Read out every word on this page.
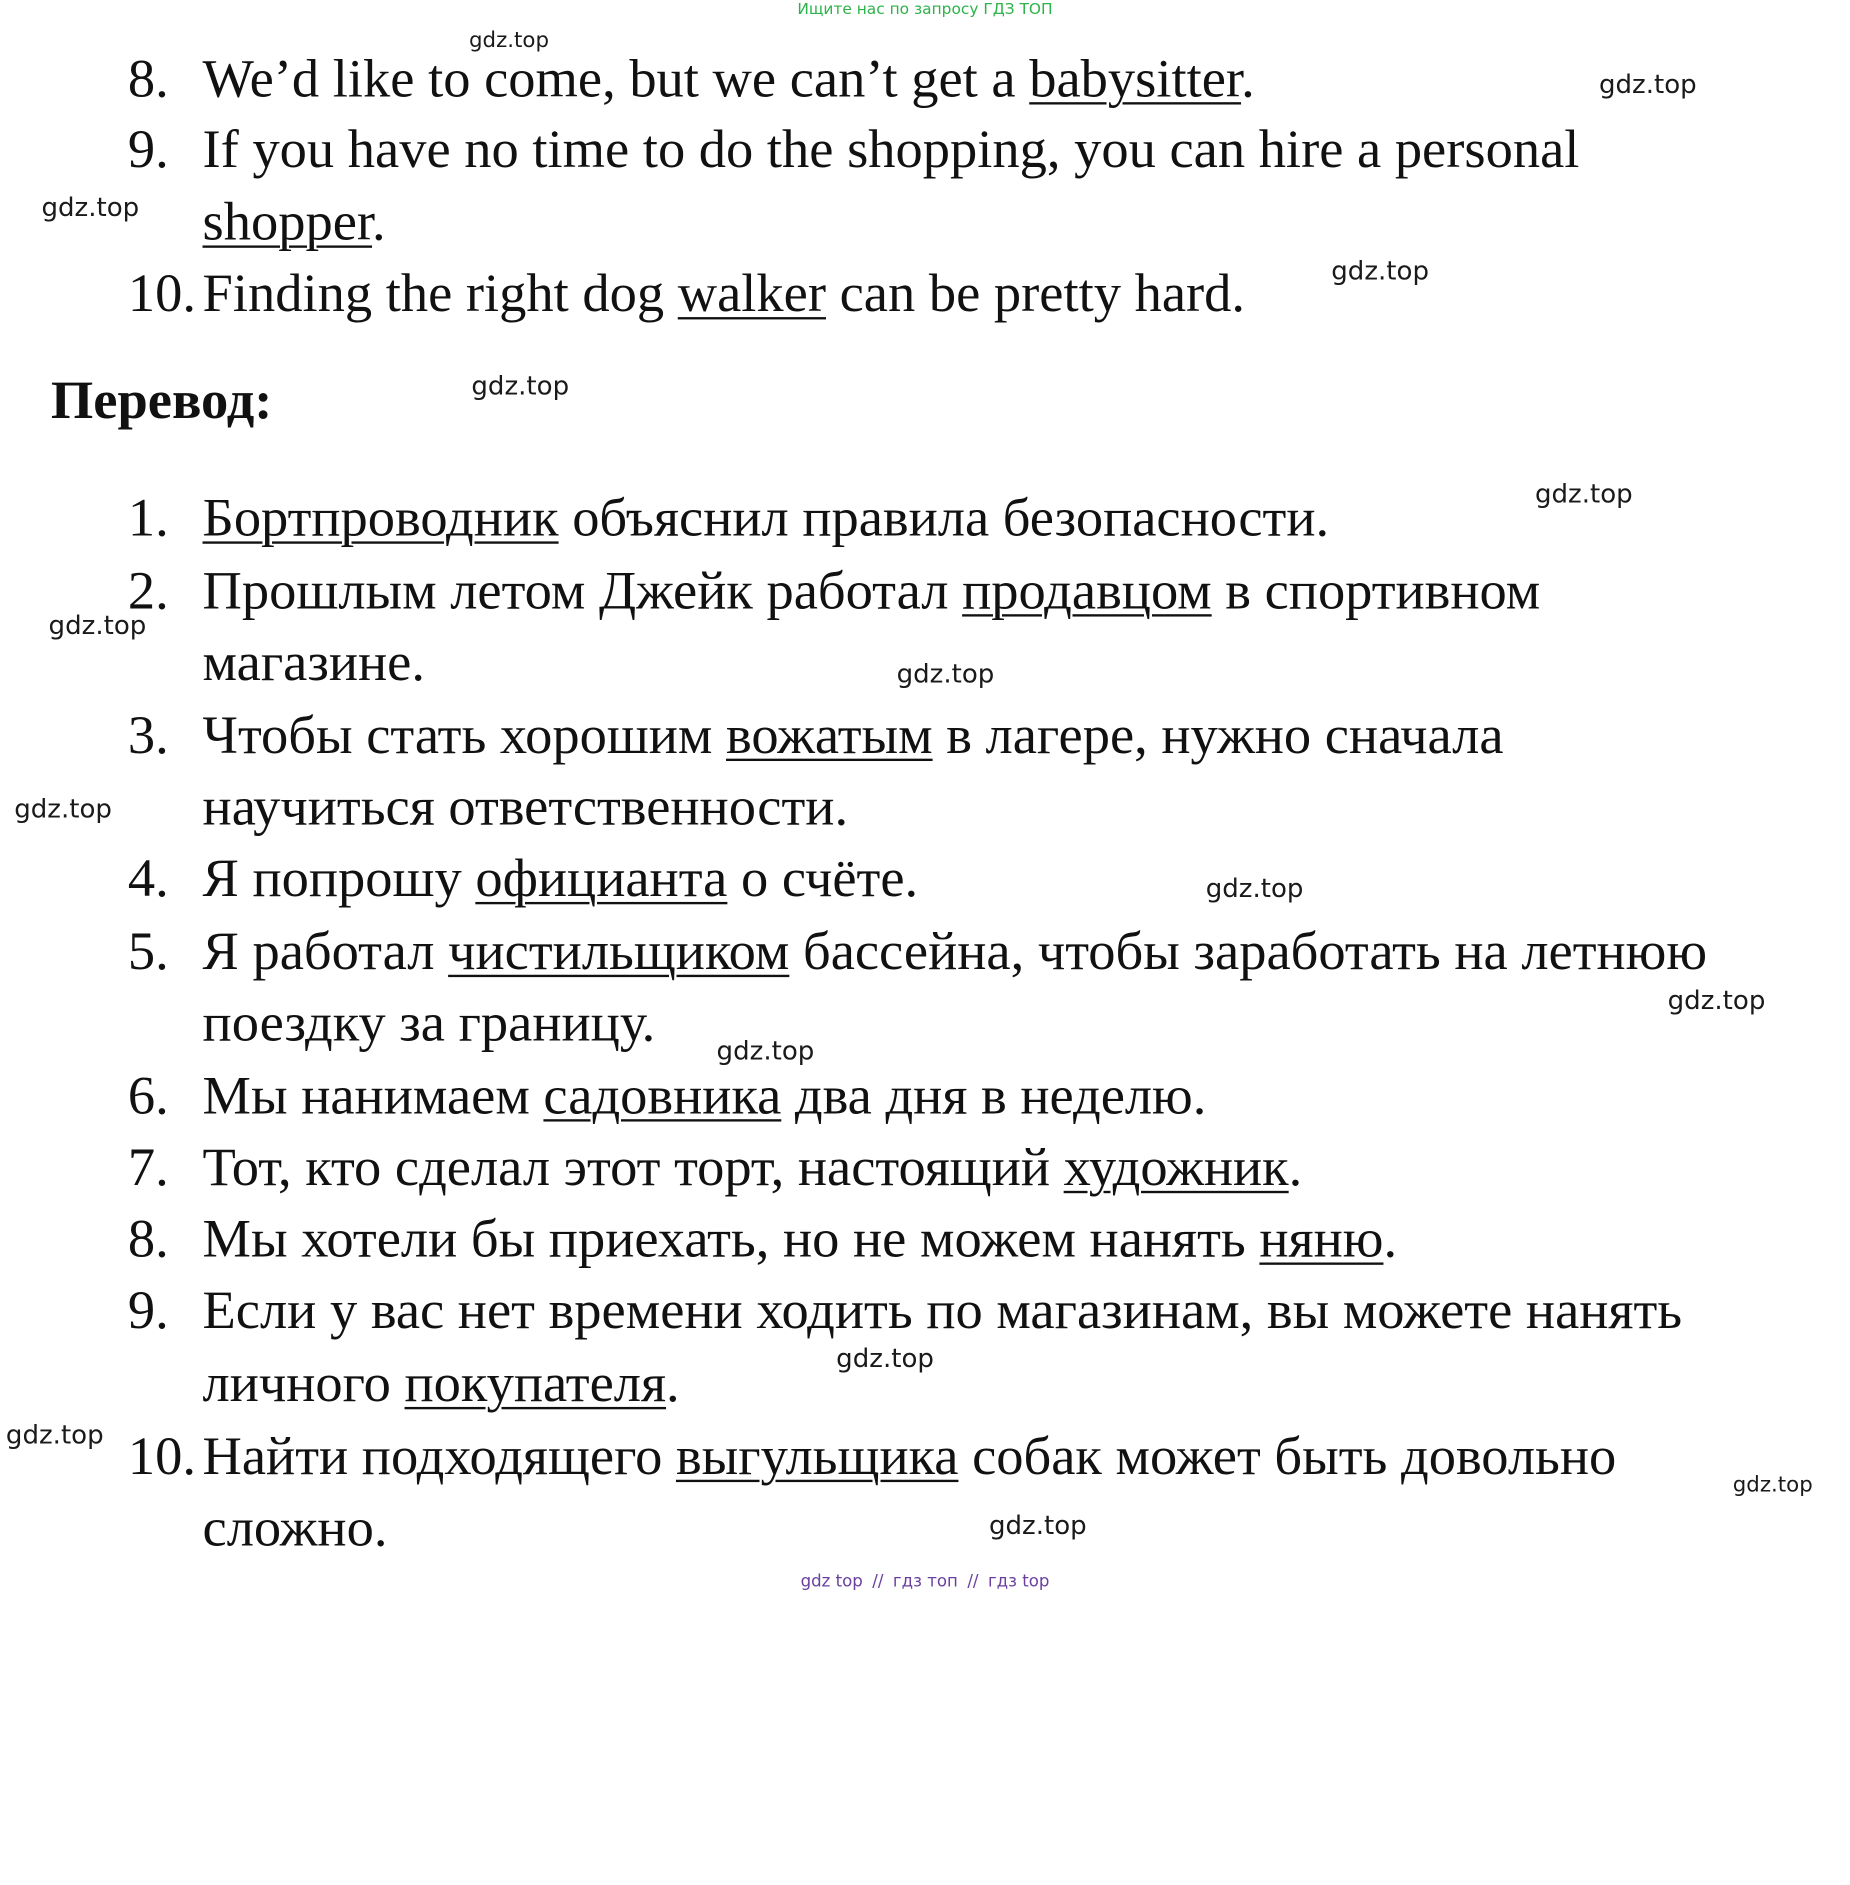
Ищите нас по запросу ГДЗ ТОП
8. We’d like to come, but we can’t get a babysitter.
9. If you have no time to do the shopping, you can hire a personal
shopper.
10. Finding the right dog walker can be pretty hard.
Перевод:
1. Бортпроводник объяснил правила безопасности.
2. Прошлым летом Джейк работал продавцом в спортивном
магазине.
3. Чтобы стать хорошим вожатым в лагере, нужно сначала
научиться ответственности.
4. Я попрошу официанта о счёте.
5. Я работал чистильщиком бассейна, чтобы заработать на летнюю
поездку за границу.
6. Мы нанимаем садовника два дня в неделю.
7. Тот, кто сделал этот торт, настоящий художник.
8. Мы хотели бы приехать, но не можем нанять няню.
9. Если у вас нет времени ходить по магазинам, вы можете нанять
личного покупателя.
10. Найти подходящего выгульщика собак может быть довольно
сложно.
gdz.top
gdz.top
gdz.top
gdz.top
gdz.top
gdz.top
gdz.top
gdz.top
gdz.top
gdz.top
gdz.top
gdz.top
gdz.top
gdz.top
gdz.top
gdz.top
gdz top // гдз топ // гдз top
